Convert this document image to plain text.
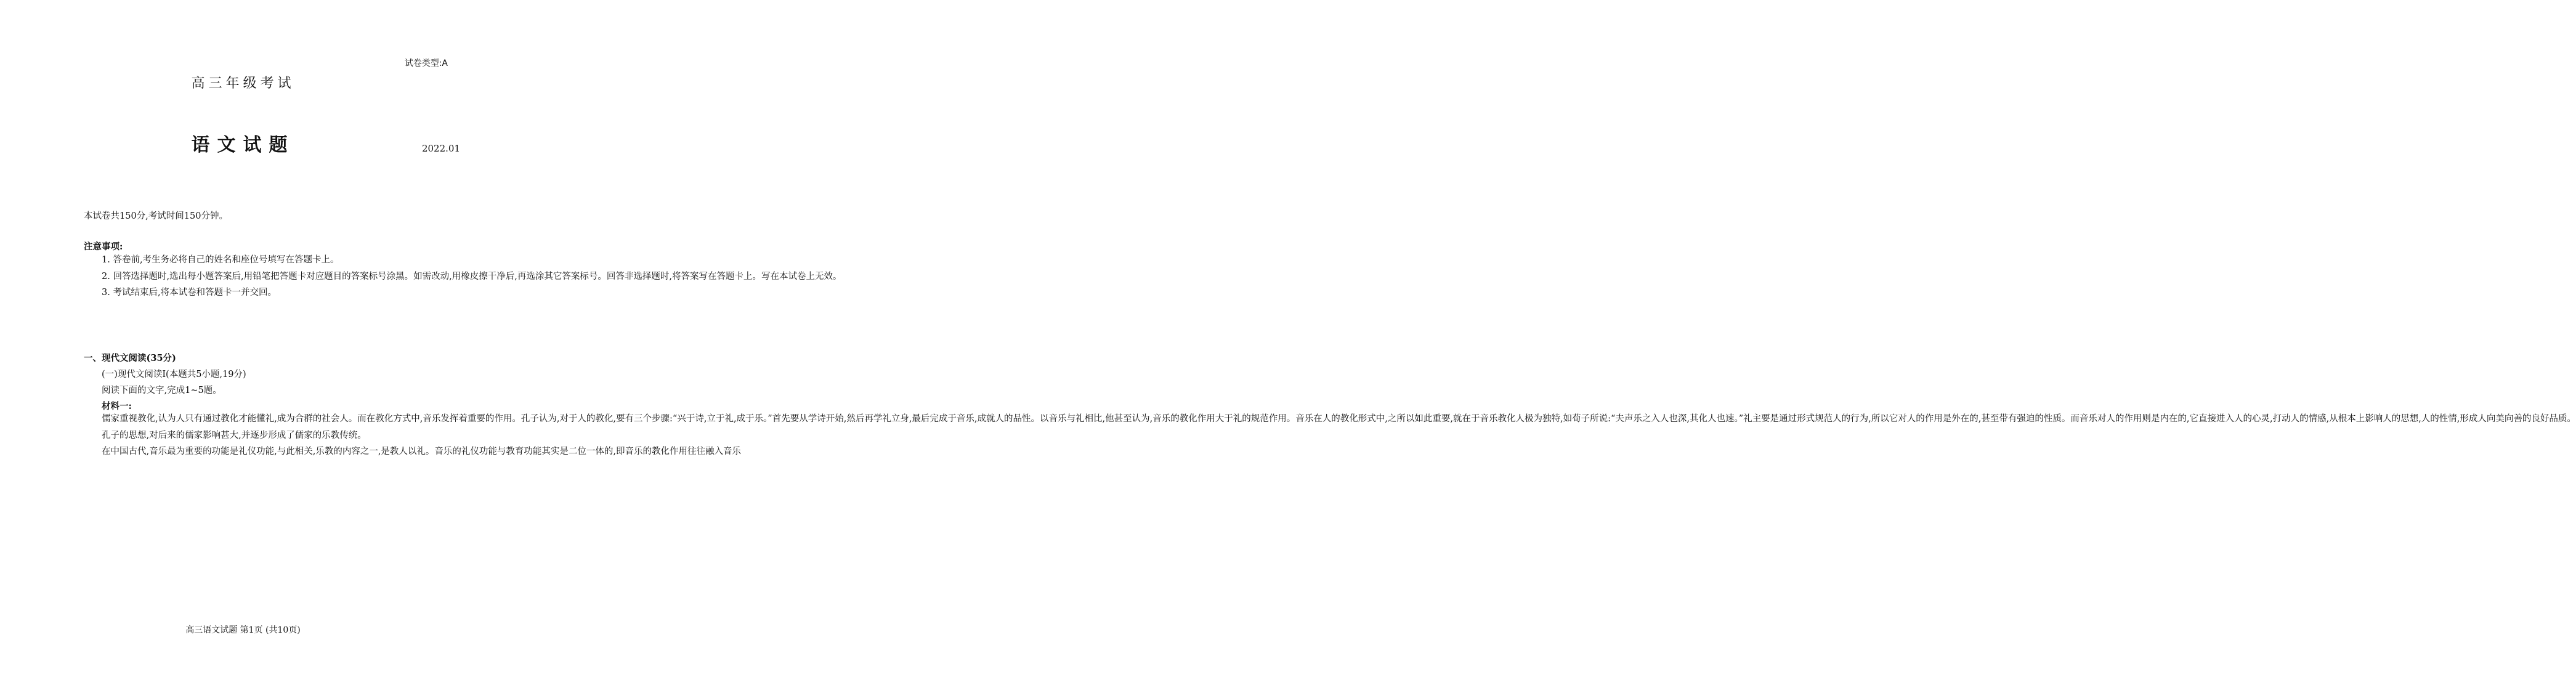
试卷类型:A
高三年级考试
语文试题	2022.01
本试卷共150分,考试时间150分钟。
注意事项:

1. 答卷前,考生务必将自己的姓名和座位号填写在答题卡上。

2. 回答选择题时,选出每小题答案后,用铅笔把答题卡对应题目的答案标号涂黑。如需改动,用橡皮擦干净后,再选涂其它答案标号。回答非选择题时,将答案写在答题卡上。写在本试卷上无效。

3. 考试结束后,将本试卷和答题卡一并交回。

一、现代文阅读(35分)
(一)现代文阅读Ⅰ(本题共5小题,19分)
阅读下面的文字,完成1~5题。
材料一:

儒家重视教化,认为人只有通过教化才能懂礼,成为合群的社会人。而在教化方式中,音乐发挥着重要的作用。孔子认为,对于人的教化,要有三个步骤:“兴于诗,立于礼,成于乐。”首先要从学诗开始,然后再学礼立身,最后完成于音乐,成就人的品性。以音乐与礼相比,他甚至认为,音乐的教化作用大于礼的规范作用。音乐在人的教化形式中,之所以如此重要,就在于音乐教化人极为独特,如荀子所说:“夫声乐之入人也深,其化人也速。”礼主要是通过形式规范人的行为,所以它对人的作用是外在的,甚至带有强迫的性质。而音乐对人的作用则是内在的,它直接进入人的心灵,打动人的情感,从根本上影响人的思想,人的性情,形成人向美向善的良好品质。

孔子的思想,对后来的儒家影响甚大,并逐步形成了儒家的乐教传统。

在中国古代,音乐最为重要的功能是礼仪功能,与此相关,乐教的内容之一,是教人以礼。音乐的礼仪功能与教育功能其实是二位一体的,即音乐的教化作用往往融入音乐

高三语文试题 第1页 (共10页)
